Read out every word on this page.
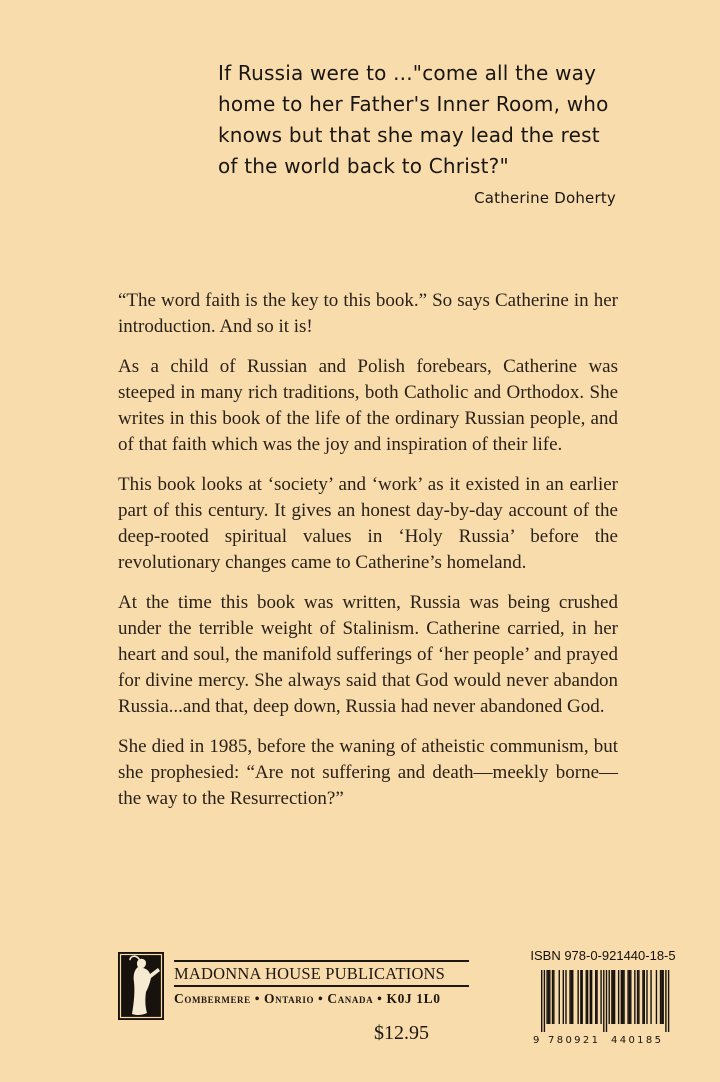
If Russia were to ..."come all the way
home to her Father's Inner Room, who
knows but that she may lead the rest
of the world back to Christ?"
Catherine Doherty

“The word faith is the key to this book.” So says Catherine in her introduction. And so it is!

As a child of Russian and Polish forebears, Catherine was steeped in many rich traditions, both Catholic and Orthodox. She writes in this book of the life of the ordinary Russian people, and of that faith which was the joy and inspiration of their life.

This book looks at ‘society’ and ‘work’ as it existed in an earlier part of this century. It gives an honest day-by-day account of the deep-rooted spiritual values in ‘Holy Russia’ before the revolutionary changes came to Catherine’s homeland.

At the time this book was written, Russia was being crushed under the terrible weight of Stalinism. Catherine carried, in her heart and soul, the manifold sufferings of ‘her people’ and prayed for divine mercy. She always said that God would never abandon Russia...and that, deep down, Russia had never abandoned God.

She died in 1985, before the waning of atheistic communism, but she prophesied: “Are not suffering and death—meekly borne—the way to the Resurrection?”

MADONNA HOUSE PUBLICATIONS
Combermere • Ontario • Canada • K0J 1L0
$12.95
ISBN 978-0-921440-18-5
9 780921 440185
